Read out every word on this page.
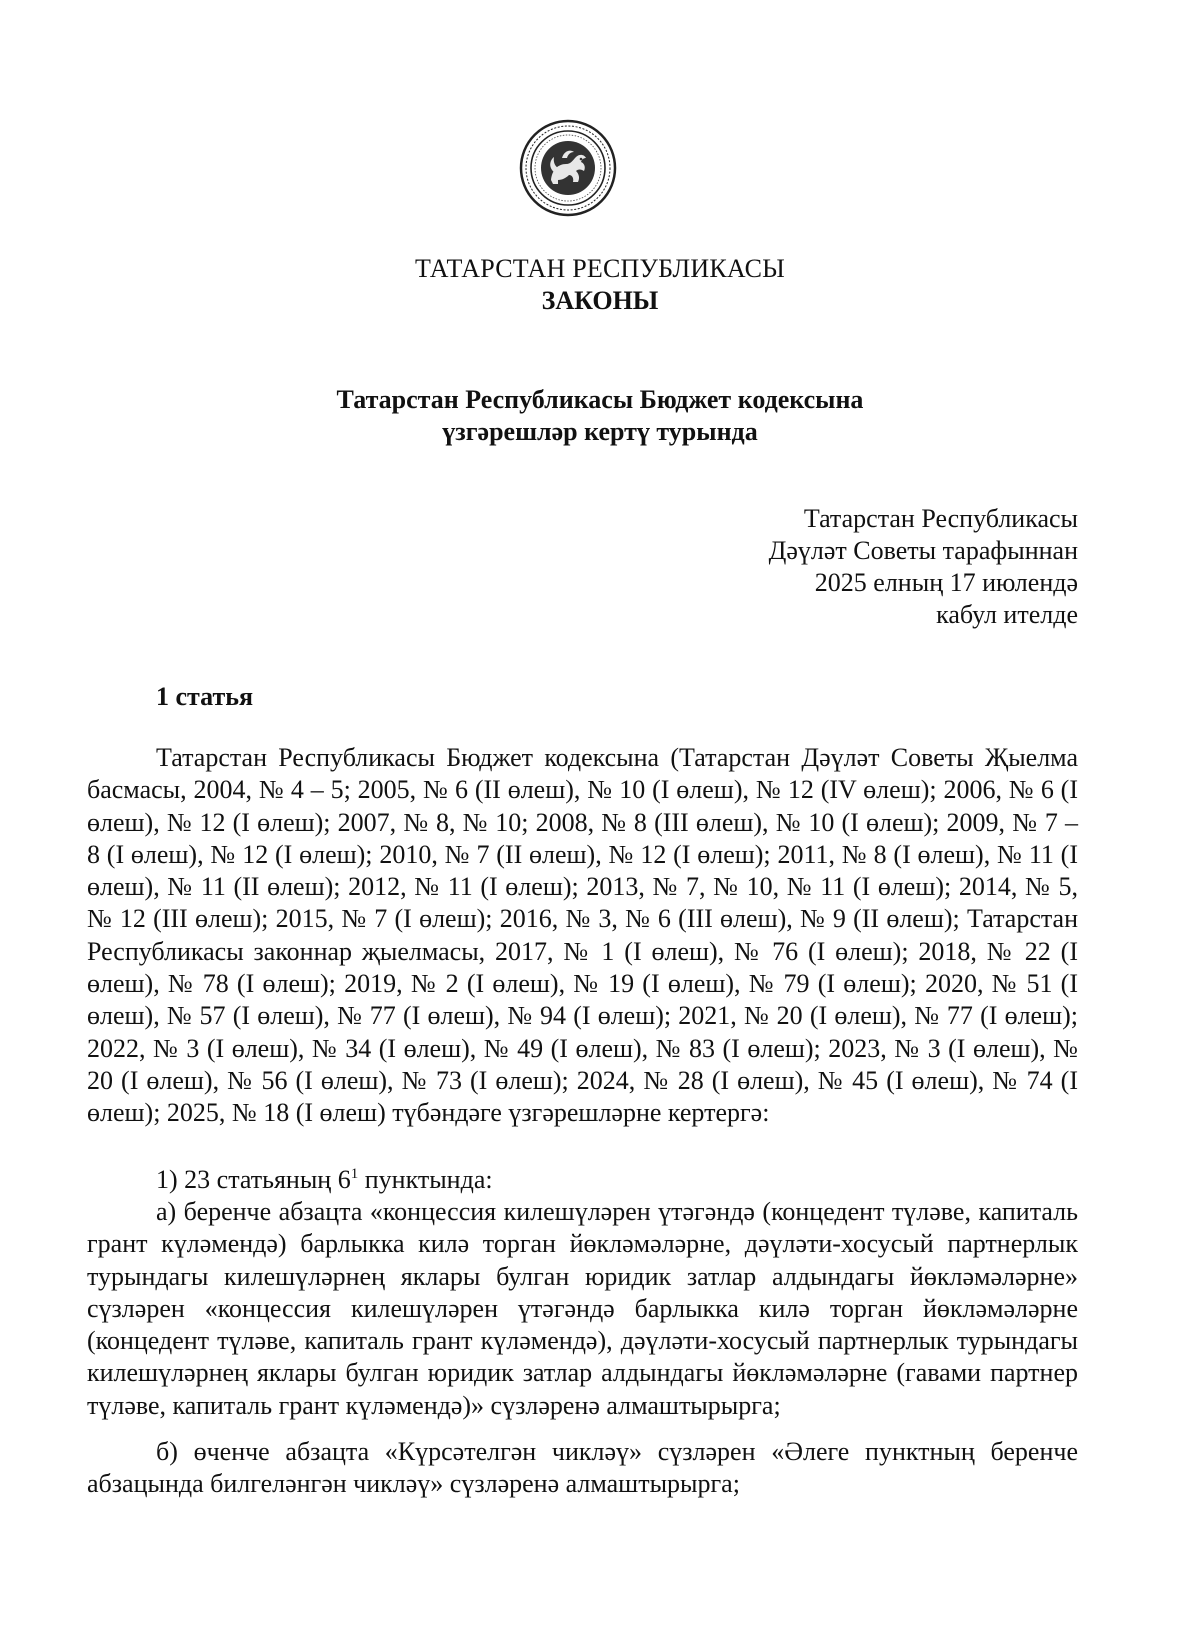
ТАТАРСТАН РЕСПУБЛИКАСЫ
ЗАКОНЫ
Татарстан Республикасы Бюджет кодексына
үзгәрешләр кертү турында
Татарстан Республикасы
Дәүләт Советы тарафыннан
2025 елның 17 июлендә
кабул ителде
1 статья
Татарстан Республикасы Бюджет кодексына (Татарстан Дәүләт Советы Җыелма басмасы, 2004, № 4 – 5; 2005, № 6 (II өлеш), № 10 (I өлеш), № 12 (IV өлеш); 2006, № 6 (I өлеш), № 12 (I өлеш); 2007, № 8, № 10; 2008, № 8 (III өлеш), № 10 (I өлеш); 2009, № 7 – 8 (I өлеш), № 12 (I өлеш); 2010, № 7 (II өлеш), № 12 (I өлеш); 2011, № 8 (I өлеш), № 11 (I өлеш), № 11 (II өлеш); 2012, № 11 (I өлеш); 2013, № 7, № 10, № 11 (I өлеш); 2014, № 5, № 12 (III өлеш); 2015, № 7 (I өлеш); 2016, № 3, № 6 (III өлеш), № 9 (II өлеш); Татарстан Республикасы законнар җыелмасы, 2017, № 1 (I өлеш), № 76 (I өлеш); 2018, № 22 (I өлеш), № 78 (I өлеш); 2019, № 2 (I өлеш), № 19 (I өлеш), № 79 (I өлеш); 2020, № 51 (I өлеш), № 57 (I өлеш), № 77 (I өлеш), № 94 (I өлеш); 2021, № 20 (I өлеш), № 77 (I өлеш); 2022, № 3 (I өлеш), № 34 (I өлеш), № 49 (I өлеш), № 83 (I өлеш); 2023, № 3 (I өлеш), № 20 (I өлеш), № 56 (I өлеш), № 73 (I өлеш); 2024, № 28 (I өлеш), № 45 (I өлеш), № 74 (I өлеш); 2025, № 18 (I өлеш) түбәндәге үзгәрешләрне кертергә:
1) 23 статьяның $6^1$ пунктында:
а) беренче абзацта «концессия килешүләрен үтәгәндә (концедент түләве, капиталь грант күләмендә) барлыкка килә торган йөкләмәләрне, дәүләти-хосусый партнерлык турындагы килешүләрнең яклары булган юридик затлар алдындагы йөкләмәләрне» сүзләрен «концессия килешүләрен үтәгәндә барлыкка килә торган йөкләмәләрне (концедент түләве, капиталь грант күләмендә), дәүләти-хосусый партнерлык турындагы килешүләрнең яклары булган юридик затлар алдындагы йөкләмәләрне (гавами партнер түләве, капиталь грант күләмендә)» сүзләренә алмаштырырга;
б) өченче абзацта «Күрсәтелгән чикләү» сүзләрен «Әлеге пунктның беренче абзацында билгеләнгән чикләү» сүзләренә алмаштырырга;
